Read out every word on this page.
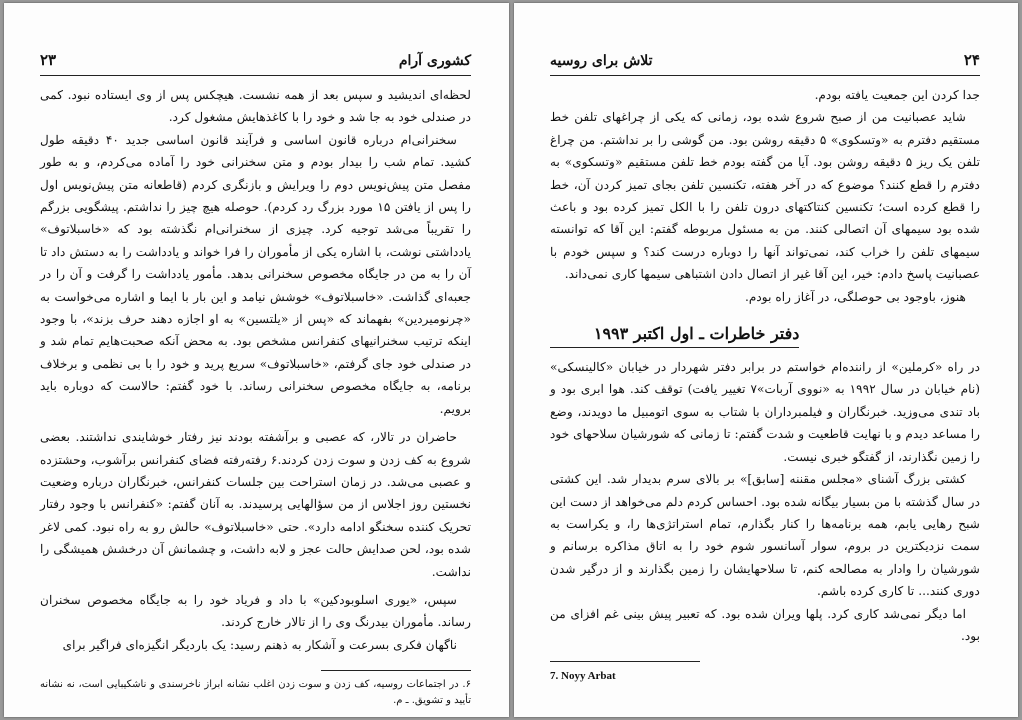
کشوری آرام
۲۳

لحظه‌ای اندیشید و سپس بعد از همه نشست. هیچکس پس از وی ایستاده نبود. کمی در صندلی خود به جا شد و خود را با کاغذهایش مشغول کرد.

سخنرانی‌ام درباره قانون اساسی و فرآیند قانون اساسی جدید ۴۰ دقیقه طول کشید. تمام شب را بیدار بودم و متن سخنرانی خود را آماده می‌کردم، و به طور مفصل متن پیش‌نویس دوم را ویرایش و بازنگری کردم (قاطعانه متن پیش‌نویس اول را پس از یافتن ۱۵ مورد بزرگ رد کردم). حوصله هیچ چیز را نداشتم. پیشگویی بزرگم را تقریباً می‌شد توجیه کرد. چیزی از سخنرانی‌ام نگذشته بود که «خاسبلاتوف» یادداشتی نوشت، با اشاره یکی از مأموران را فرا خواند و یادداشت را به دستش داد تا آن را به من در جایگاه مخصوص سخنرانی بدهد. مأمور یادداشت را گرفت و آن را در جعبه‌ای گذاشت. «خاسبلاتوف» خوشش نیامد و این بار با ایما و اشاره می‌خواست به «چرنومیردین» بفهماند که «پس از «یلتسین» به او اجازه دهند حرف بزند»، با وجود اینکه ترتیب سخنرانیهای کنفرانس مشخص بود. به محض آنکه صحبت‌هایم تمام شد و در صندلی خود جای گرفتم، «خاسبلاتوف» سریع پرید و خود را با بی نظمی و برخلاف برنامه، به جایگاه مخصوص سخنرانی رساند. با خود گفتم: حالاست که دوباره باید برویم.

حاضران در تالار، که عصبی و برآشفته بودند نیز رفتار خوشایندی نداشتند. بعضی شروع به کف زدن و سوت زدن کردند.۶ رفته‌رفته فضای کنفرانس برآشوب، وحشتزده و عصبی می‌شد. در زمان استراحت بین جلسات کنفرانس، خبرنگاران درباره وضعیت نخستین روز اجلاس از من سؤالهایی پرسیدند. به آنان گفتم: «کنفرانس با وجود رفتار تحریک کننده سخنگو ادامه دارد». حتی «خاسبلاتوف» حالش رو به راه نبود. کمی لاغر شده بود، لحن صدایش حالت عجز و لابه داشت، و چشمانش آن درخشش همیشگی را نداشت.

سپس، «یوری اسلوبودکین» با داد و فریاد خود را به جایگاه مخصوص سخنران رساند. مأموران بیدرنگ وی را از تالار خارج کردند.

ناگهان فکری بسرعت و آشکار به ذهنم رسید: یک باردیگر انگیزه‌ای فراگیر برای

۶. در اجتماعات روسیه، کف زدن و سوت زدن اغلب نشانه ابراز ناخرسندی و ناشکیبایی است، نه نشانه تأیید و تشویق. ـ م.
۲۴
تلاش برای روسیه

جدا کردن این جمعیت یافته بودم.

شاید عصبانیت من از صبح شروع شده بود، زمانی که یکی از چراغهای تلفن خط مستقیم دفترم به «وتسکوی» ۵ دقیقه روشن بود. من گوشی را بر نداشتم. من چراغ تلفن یک ریز ۵ دقیقه روشن بود. آیا من گفته بودم خط تلفن مستقیم «وتسکوی» به دفترم را قطع کنند؟ موضوع که در آخر هفته، تکنسین تلفن بجای تمیز کردن آن، خط را قطع کرده است؛ تکنسین کنتاکتهای درون تلفن را با الکل تمیز کرده بود و باعث شده بود سیمهای آن اتصالی کنند. من به مسئول مربوطه گفتم: این آقا که توانسته سیمهای تلفن را خراب کند، نمی‌تواند آنها را دوباره درست کند؟ و سپس خودم با عصبانیت پاسخ دادم: خیر، این آقا غیر از اتصال دادن اشتباهی سیمها کاری نمی‌داند.

هنوز، باوجود بی حوصلگی، در آغاز راه بودم.

دفتر خاطرات ـ اول اکتبر ۱۹۹۳

در راه «کرملین» از راننده‌ام خواستم در برابر دفتر شهردار در خیابان «کالینسکی» (نام خیابان در سال ۱۹۹۲ به «نووی آربات»۷ تغییر یافت) توقف کند. هوا ابری بود و باد تندی می‌وزید. خبرنگاران و فیلمبرداران با شتاب به سوی اتومبیل ما دویدند، وضع را مساعد دیدم و با نهایت قاطعیت و شدت گفتم: تا زمانی که شورشیان سلاحهای خود را زمین نگذارند، از گفتگو خبری نیست.

کشتی بزرگ آشنای «مجلس مقننه [سابق]» بر بالای سرم بدیدار شد. این کشتی در سال گذشته با من بسیار بیگانه شده بود. احساس کردم دلم می‌خواهد از دست این شبح رهایی یابم، همه برنامه‌ها را کنار بگذارم، تمام استراتژی‌ها را، و یکراست به سمت نزدیکترین در بروم، سوار آسانسور شوم خود را به اتاق مذاکره برسانم و شورشیان را وادار به مصالحه کنم، تا سلاحهایشان را زمین بگذارند و از درگیر شدن دوری کنند... تا کاری کرده باشم.

اما دیگر نمی‌شد کاری کرد. پلها ویران شده بود. که تعبیر پیش بینی غم افزای من بود.

7. Noyy Arbat
